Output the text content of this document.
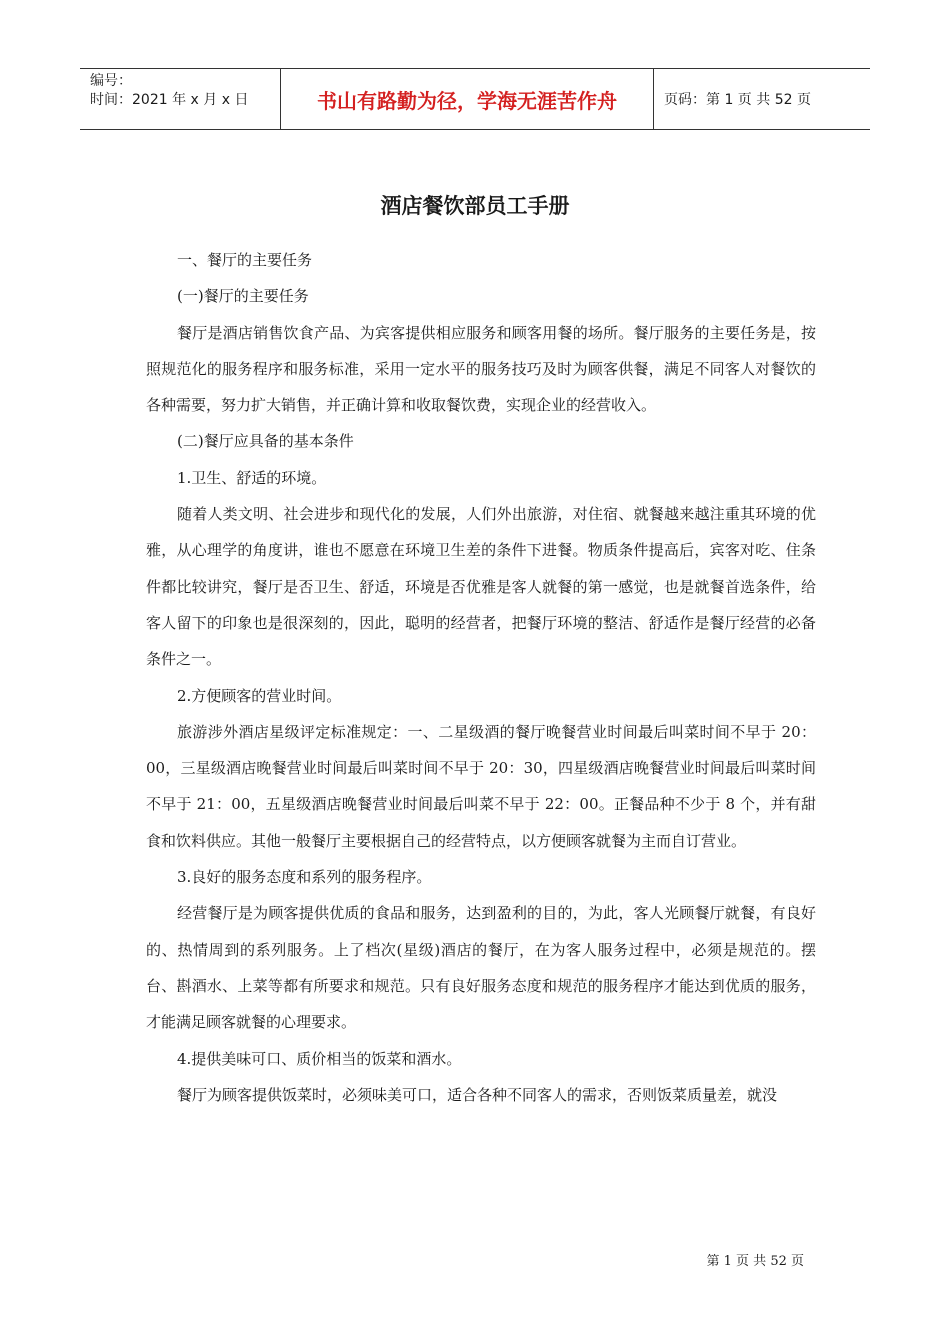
编号：
时间：2021 年 x 月 x 日	书山有路勤为径，学海无涯苦作舟	页码：第 1 页 共 52 页
酒店餐饮部员工手册

一、餐厅的主要任务

(一)餐厅的主要任务

餐厅是酒店销售饮食产品、为宾客提供相应服务和顾客用餐的场所。餐厅服务的主要任务是，按照规范化的服务程序和服务标准，采用一定水平的服务技巧及时为顾客供餐，满足不同客人对餐饮的各种需要，努力扩大销售，并正确计算和收取餐饮费，实现企业的经营收入。

(二)餐厅应具备的基本条件

1.卫生、舒适的环境。

随着人类文明、社会进步和现代化的发展，人们外出旅游，对住宿、就餐越来越注重其环境的优雅，从心理学的角度讲，谁也不愿意在环境卫生差的条件下进餐。物质条件提高后，宾客对吃、住条件都比较讲究，餐厅是否卫生、舒适，环境是否优雅是客人就餐的第一感觉，也是就餐首选条件，给客人留下的印象也是很深刻的，因此，聪明的经营者，把餐厅环境的整洁、舒适作是餐厅经营的必备条件之一。

2.方便顾客的营业时间。

旅游涉外酒店星级评定标准规定：一、二星级酒的餐厅晚餐营业时间最后叫菜时间不早于 20：00，三星级酒店晚餐营业时间最后叫菜时间不早于 20：30，四星级酒店晚餐营业时间最后叫菜时间不早于 21：00，五星级酒店晚餐营业时间最后叫菜不早于 22：00。正餐品种不少于 8 个，并有甜食和饮料供应。其他一般餐厅主要根据自己的经营特点，以方便顾客就餐为主而自订营业。

3.良好的服务态度和系列的服务程序。

经营餐厅是为顾客提供优质的食品和服务，达到盈利的目的，为此，客人光顾餐厅就餐，有良好的、热情周到的系列服务。上了档次(星级)酒店的餐厅，在为客人服务过程中，必须是规范的。摆台、斟酒水、上菜等都有所要求和规范。只有良好服务态度和规范的服务程序才能达到优质的服务，才能满足顾客就餐的心理要求。

4.提供美味可口、质价相当的饭菜和酒水。

餐厅为顾客提供饭菜时，必须味美可口，适合各种不同客人的需求，否则饭菜质量差，就没

第 1 页 共 52 页
